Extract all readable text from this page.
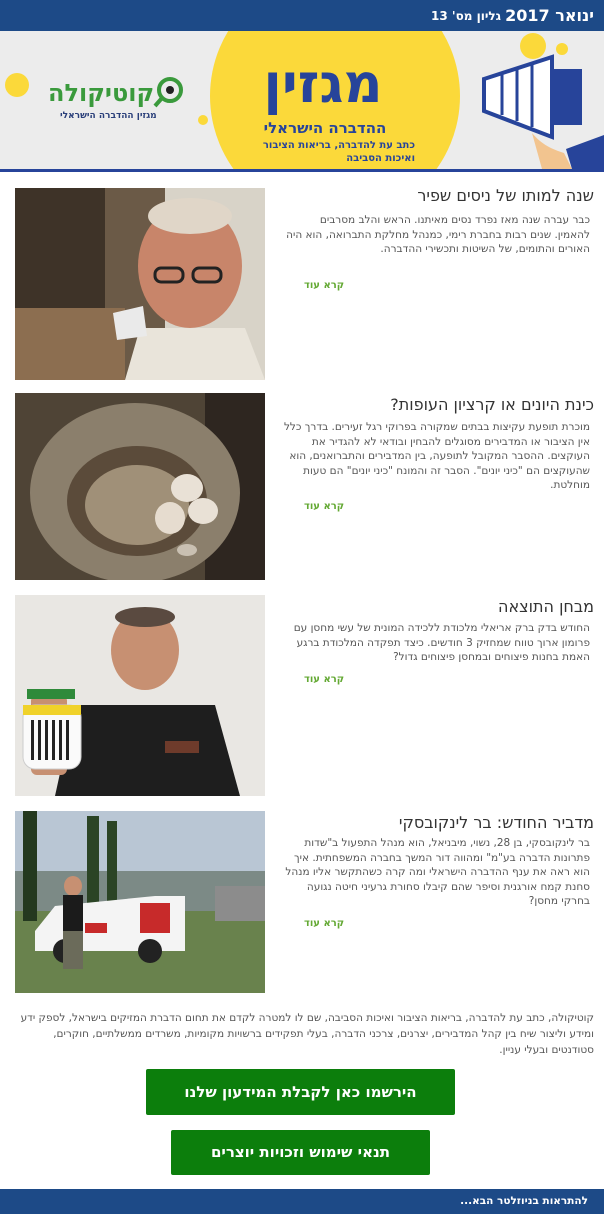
ינואר 2017
גליון מס' 13
מגזין
ההדברה הישראלי
כתב עת להדברה, בריאות הציבור
ואיכות הסביבה
קוטיקולה
מגזין ההדברה הישראלי
שנה למותו של ניסים שפיר
כבר עברה שנה מאז נפרד נסים מאיתנו. הראש והלב מסרבים להאמין. שנים רבות בחברת רימי, כמנהל מחלקת התברואה, הוא היה האורים והתומים, של השיטות ותכשירי ההדברה.
קרא עוד
כינת היונים או קרציון העופות?
מוכרת תופעת עקיצות בבתים שמקורה בפרוקי רגל זעירים. בדרך כלל אין הציבור או המדבירים מסוגלים להבחין ובודאי לא להגדיר את העוקצים. ההסבר המקובל לתופעה, בין המדבירים והתברואנים, הוא שהעוקצים הם "כיני יונים". הסבר זה והמונח "כיני יונים" הם טעות מוחלטת.
קרא עוד
מבחן התוצאה
החודש בדק ברק אריאלי מלכודת ללכידה המונית של עשי מחסן עם פרומון ארוך טווח שמחזיק 3 חודשים. כיצד תפקדה המלכודת ברגע האמת בחנות פיצוחים ובמחסן פיצוחים גדול?
קרא עוד
מדביר החודש: בר לינקובסקי
בר לינקובסקי, בן 28, נשוי, מיבניאל, הוא מנהל התפעול ב"שדות פתרונות הדברה בע"מ" ומהווה דור המשך בחברה המשפחתית. איך הוא ראה את ענף ההדברה הישראלי ומה קרה כשהתקשר אליו מנהל סחנת קמח אורגנית וסיפר שהם קיבלו סחורת גרעיני חיטה נגועה בחרקי מחסן?
קרא עוד
קוטיקולה, כתב עת להדברה, בריאות הציבור ואיכות הסביבה, שם לו למטרה לקדם את תחום הדברת המזיקים בישראל, לספק ידע ומידע וליצור שיח בין קהל המדבירים, יצרנים, צרכני הדברה, בעלי תפקידים ברשויות מקומיות, משרדים ממשלתיים, חוקרים, סטודנטים ובעלי עניין.
הירשמו כאן לקבלת המידעון שלנו
תנאי שימוש וזכויות יוצרים
להתראות בניוזלטר הבא...
